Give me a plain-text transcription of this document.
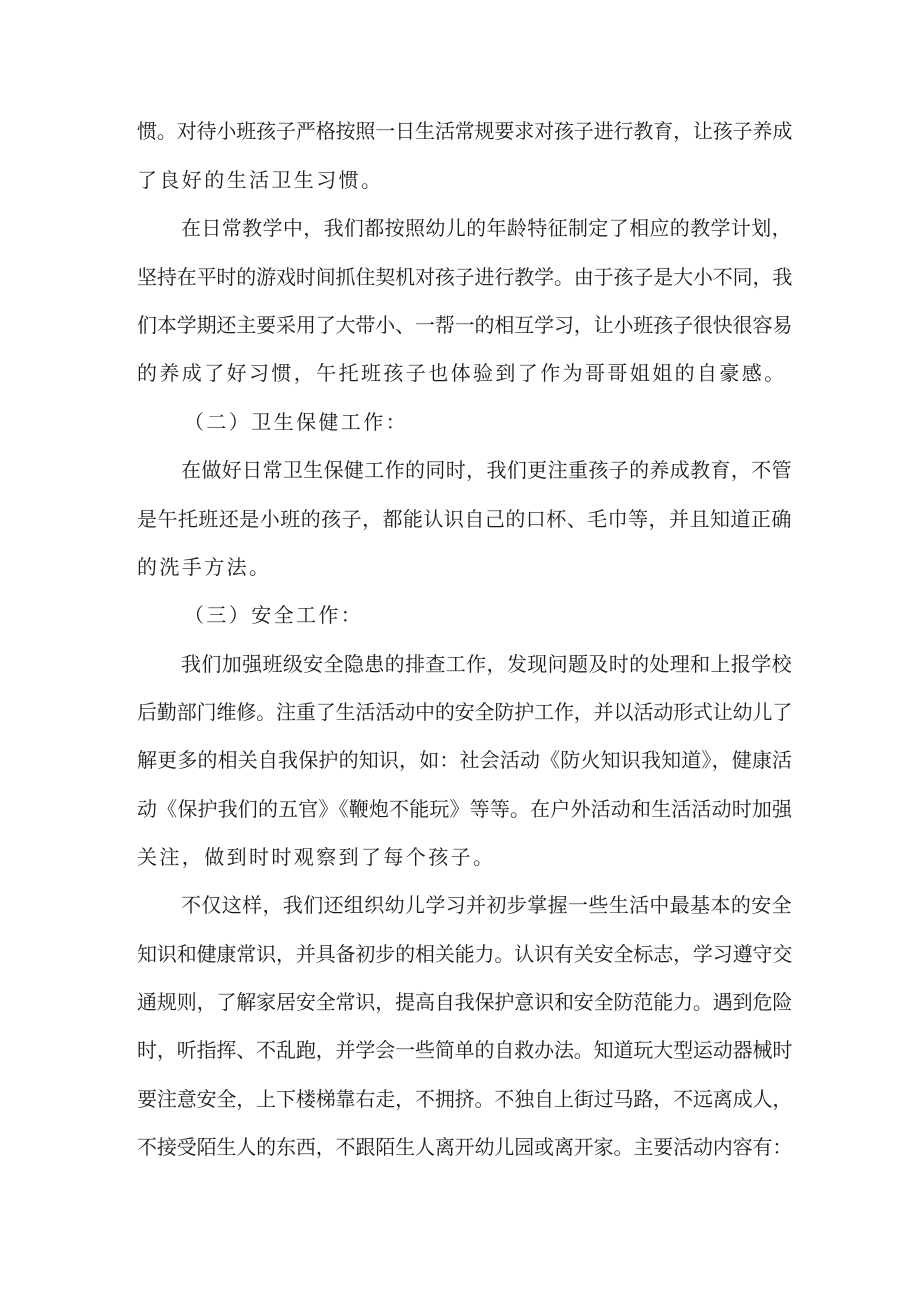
惯。对待小班孩子严格按照一日生活常规要求对孩子进行教育，让孩子养成
了良好的生活卫生习惯。
在日常教学中，我们都按照幼儿的年龄特征制定了相应的教学计划，
坚持在平时的游戏时间抓住契机对孩子进行教学。由于孩子是大小不同，我
们本学期还主要采用了大带小、一帮一的相互学习，让小班孩子很快很容易
的养成了好习惯，午托班孩子也体验到了作为哥哥姐姐的自豪感。
（二）卫生保健工作：
在做好日常卫生保健工作的同时，我们更注重孩子的养成教育，不管
是午托班还是小班的孩子，都能认识自己的口杯、毛巾等，并且知道正确
的洗手方法。
（三）安全工作：
我们加强班级安全隐患的排查工作，发现问题及时的处理和上报学校
后勤部门维修。注重了生活活动中的安全防护工作，并以活动形式让幼儿了
解更多的相关自我保护的知识，如：社会活动《防火知识我知道》，健康活
动《保护我们的五官》《鞭炮不能玩》等等。在户外活动和生活活动时加强
关注，做到时时观察到了每个孩子。
不仅这样，我们还组织幼儿学习并初步掌握一些生活中最基本的安全
知识和健康常识，并具备初步的相关能力。认识有关安全标志，学习遵守交
通规则，了解家居安全常识，提高自我保护意识和安全防范能力。遇到危险
时，听指挥、不乱跑，并学会一些简单的自救办法。知道玩大型运动器械时
要注意安全，上下楼梯靠右走，不拥挤。不独自上街过马路，不远离成人，
不接受陌生人的东西，不跟陌生人离开幼儿园或离开家。主要活动内容有：
